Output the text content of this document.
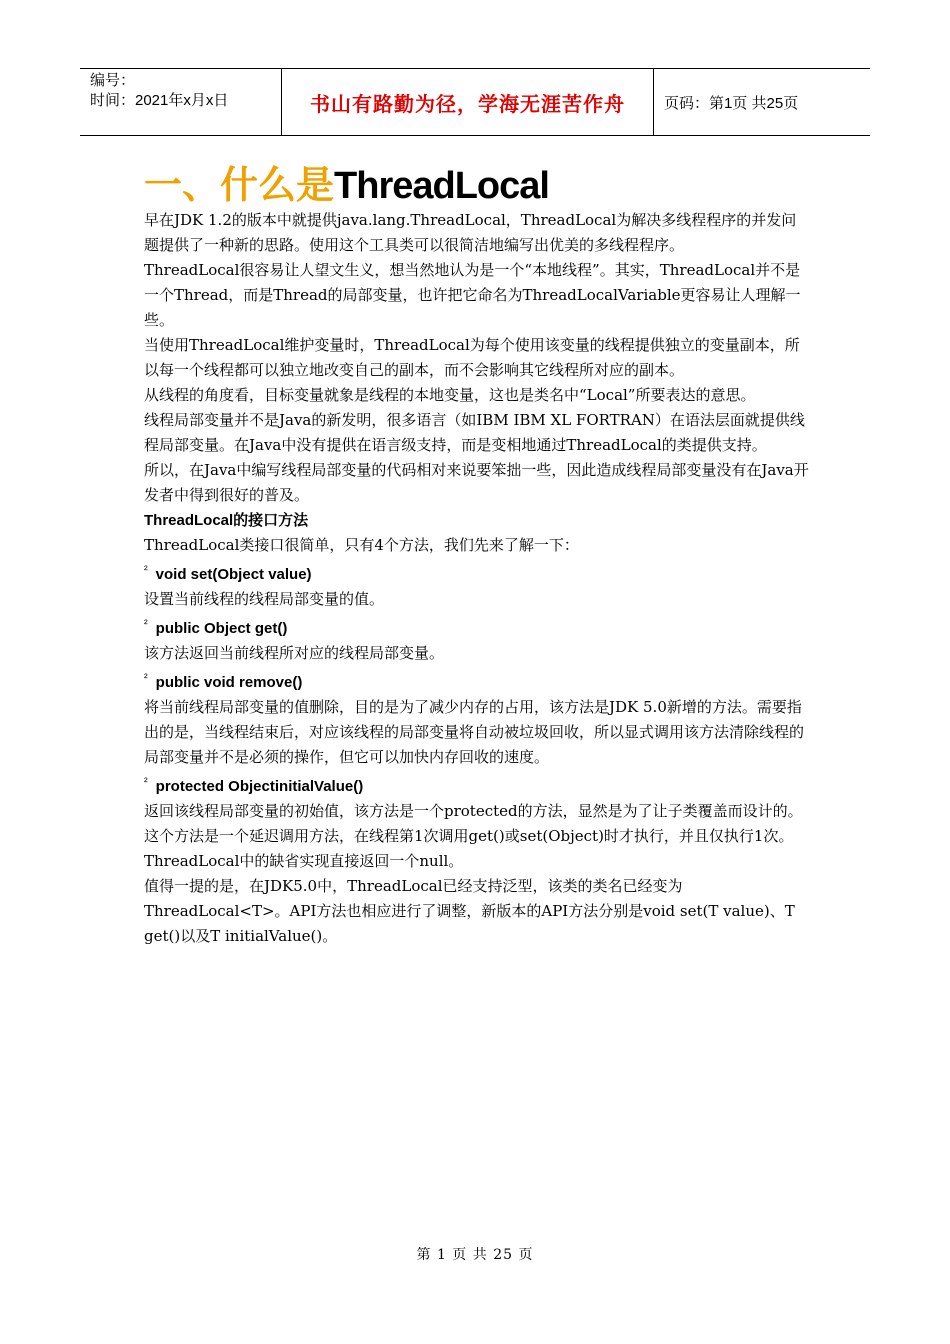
编号：
时间：2021年x月x日	书山有路勤为径，学海无涯苦作舟	页码：第1页 共25页
一、什么是ThreadLocal

早在JDK 1.2的版本中就提供java.lang.ThreadLocal，ThreadLocal为解决多线程程序的并发问题提供了一种新的思路。使用这个工具类可以很简洁地编写出优美的多线程程序。

ThreadLocal很容易让人望文生义，想当然地认为是一个“本地线程”。其实，ThreadLocal并不是一个Thread，而是Thread的局部变量，也许把它命名为ThreadLocalVariable更容易让人理解一些。

当使用ThreadLocal维护变量时，ThreadLocal为每个使用该变量的线程提供独立的变量副本，所以每一个线程都可以独立地改变自己的副本，而不会影响其它线程所对应的副本。

从线程的角度看，目标变量就象是线程的本地变量，这也是类名中“Local”所要表达的意思。

线程局部变量并不是Java的新发明，很多语言（如IBM IBM XL FORTRAN）在语法层面就提供线程局部变量。在Java中没有提供在语言级支持，而是变相地通过ThreadLocal的类提供支持。

所以，在Java中编写线程局部变量的代码相对来说要笨拙一些，因此造成线程局部变量没有在Java开发者中得到很好的普及。

ThreadLocal的接口方法

ThreadLocal类接口很简单，只有4个方法，我们先来了解一下：

$^{^2}$ void set(Object value)

设置当前线程的线程局部变量的值。

$^{^2}$ public Object get()

该方法返回当前线程所对应的线程局部变量。

$^{^2}$ public void remove()

将当前线程局部变量的值删除，目的是为了减少内存的占用，该方法是JDK 5.0新增的方法。需要指出的是，当线程结束后，对应该线程的局部变量将自动被垃圾回收，所以显式调用该方法清除线程的局部变量并不是必须的操作，但它可以加快内存回收的速度。

$^{^2}$ protected ObjectinitialValue()

返回该线程局部变量的初始值，该方法是一个protected的方法，显然是为了让子类覆盖而设计的。这个方法是一个延迟调用方法，在线程第1次调用get()或set(Object)时才执行，并且仅执行1次。ThreadLocal中的缺省实现直接返回一个null。

值得一提的是，在JDK5.0中，ThreadLocal已经支持泛型，该类的类名已经变为ThreadLocal<T>。API方法也相应进行了调整，新版本的API方法分别是void set(T value)、T get()以及T initialValue()。

第 1 页 共 25 页
